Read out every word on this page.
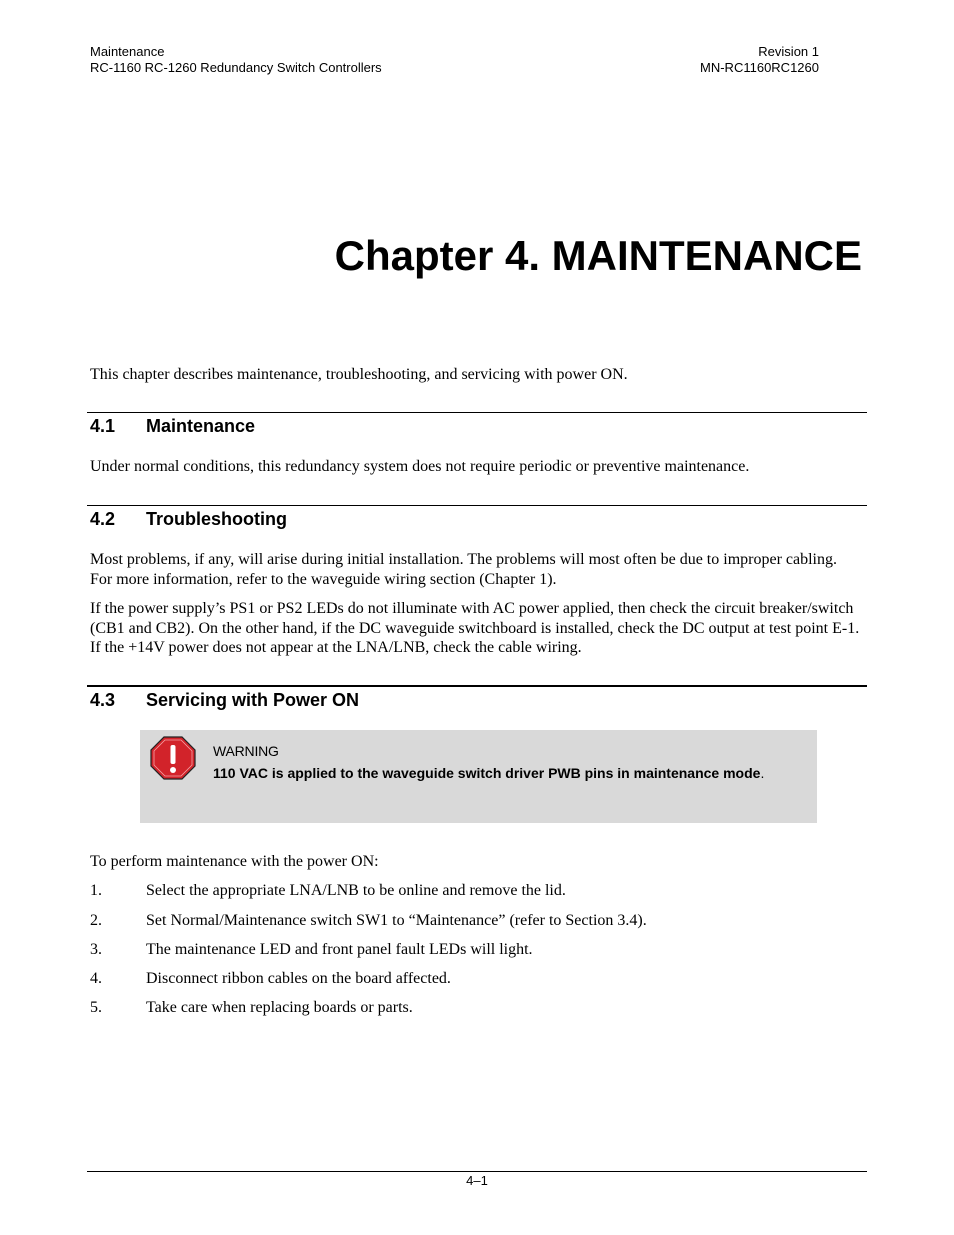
Maintenance
RC-1160 RC-1260 Redundancy Switch Controllers
Revision 1
MN-RC1160RC1260
Chapter 4. MAINTENANCE

This chapter describes maintenance, troubleshooting, and servicing with power ON.

4.1 Maintenance

Under normal conditions, this redundancy system does not require periodic or preventive maintenance.

4.2 Troubleshooting

Most problems, if any, will arise during initial installation. The problems will most often be due to improper cabling. For more information, refer to the waveguide wiring section (Chapter 1).

If the power supply’s PS1 or PS2 LEDs do not illuminate with AC power applied, then check the circuit breaker/switch (CB1 and CB2). On the other hand, if the DC waveguide switchboard is installed, check the DC output at test point E-1. If the +14V power does not appear at the LNA/LNB, check the cable wiring.

4.3 Servicing with Power ON
WARNING
110 VAC is applied to the waveguide switch driver PWB pins in maintenance mode.

To perform maintenance with the power ON:

1.	Select the appropriate LNA/LNB to be online and remove the lid.
2.	Set Normal/Maintenance switch SW1 to “Maintenance” (refer to Section 3.4).
3.	The maintenance LED and front panel fault LEDs will light.
4.	Disconnect ribbon cables on the board affected.
5.	Take care when replacing boards or parts.
4–1
